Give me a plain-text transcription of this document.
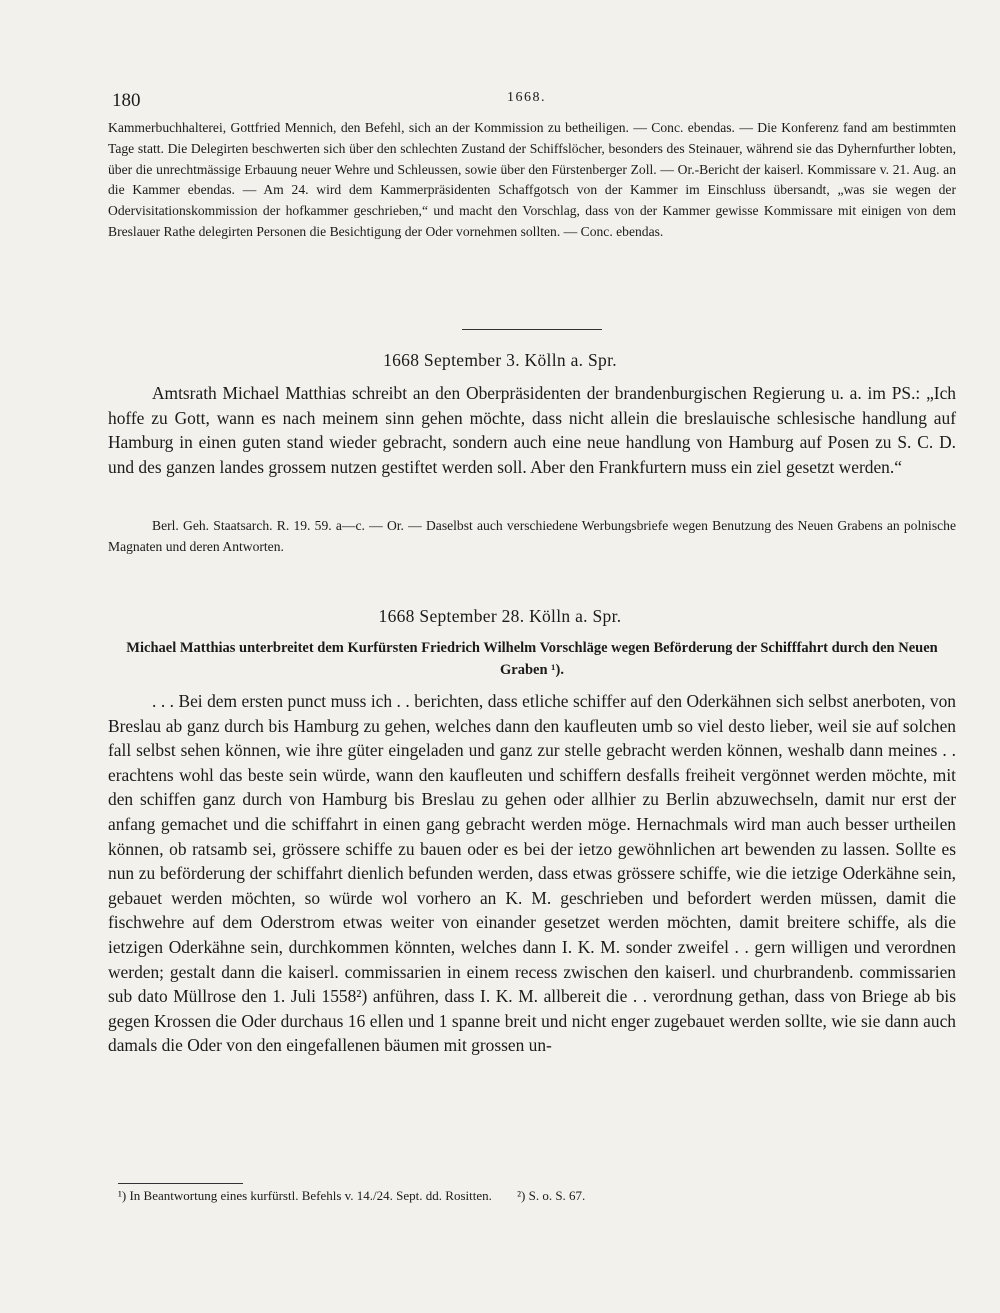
180	1668.

Kammerbuchhalterei, Gottfried Mennich, den Befehl, sich an der Kommission zu betheiligen. — Conc. ebendas. — Die Konferenz fand am bestimmten Tage statt. Die Delegirten beschwerten sich über den schlechten Zustand der Schiffslöcher, besonders des Steinauer, während sie das Dyhernfurther lobten, über die unrechtmässige Erbauung neuer Wehre und Schleussen, sowie über den Fürstenberger Zoll. — Or.-Bericht der kaiserl. Kommissare v. 21. Aug. an die Kammer ebendas. — Am 24. wird dem Kammerpräsidenten Schaffgotsch von der Kammer im Einschluss übersandt, „was sie wegen der Odervisitationskommission der hofkammer geschrieben,“ und macht den Vorschlag, dass von der Kammer gewisse Kommissare mit einigen von dem Breslauer Rathe delegirten Personen die Besichtigung der Oder vornehmen sollten. — Conc. ebendas.

1668 September 3. Kölln a. Spr.

Amtsrath Michael Matthias schreibt an den Oberpräsidenten der brandenburgischen Regierung u. a. im PS.: „Ich hoffe zu Gott, wann es nach meinem sinn gehen möchte, dass nicht allein die breslauische schlesische handlung auf Hamburg in einen guten stand wieder gebracht, sondern auch eine neue handlung von Hamburg auf Posen zu S. C. D. und des ganzen landes grossem nutzen gestiftet werden soll. Aber den Frankfurtern muss ein ziel gesetzt werden.“

Berl. Geh. Staatsarch. R. 19. 59. a—c. — Or. — Daselbst auch verschiedene Werbungsbriefe wegen Benutzung des Neuen Grabens an polnische Magnaten und deren Antworten.

1668 September 28. Kölln a. Spr.

Michael Matthias unterbreitet dem Kurfürsten Friedrich Wilhelm Vorschläge wegen Beförderung der Schifffahrt durch den Neuen Graben ¹).

. . . Bei dem ersten punct muss ich . . berichten, dass etliche schiffer auf den Oderkähnen sich selbst anerboten, von Breslau ab ganz durch bis Hamburg zu gehen, welches dann den kaufleuten umb so viel desto lieber, weil sie auf solchen fall selbst sehen können, wie ihre güter eingeladen und ganz zur stelle gebracht werden können, weshalb dann meines . . erachtens wohl das beste sein würde, wann den kaufleuten und schiffern desfalls freiheit vergönnet werden möchte, mit den schiffen ganz durch von Hamburg bis Breslau zu gehen oder allhier zu Berlin abzuwechseln, damit nur erst der anfang gemachet und die schiffahrt in einen gang gebracht werden möge. Hernachmals wird man auch besser urtheilen können, ob ratsamb sei, grössere schiffe zu bauen oder es bei der ietzo gewöhnlichen art bewenden zu lassen. Sollte es nun zu beförderung der schiffahrt dienlich befunden werden, dass etwas grössere schiffe, wie die ietzige Oderkähne sein, gebauet werden möchten, so würde wol vorhero an K. M. geschrieben und befordert werden müssen, damit die fischwehre auf dem Oderstrom etwas weiter von einander gesetzet werden möchten, damit breitere schiffe, als die ietzigen Oderkähne sein, durchkommen könnten, welches dann I. K. M. sonder zweifel . . gern willigen und verordnen werden; gestalt dann die kaiserl. commissarien in einem recess zwischen den kaiserl. und churbrandenb. commissarien sub dato Müllrose den 1. Juli 1558²) anführen, dass I. K. M. allbereit die . . verordnung gethan, dass von Briege ab bis gegen Krossen die Oder durchaus 16 ellen und 1 spanne breit und nicht enger zugebauet werden sollte, wie sie dann auch damals die Oder von den eingefallenen bäumen mit grossen un-

¹) In Beantwortung eines kurfürstl. Befehls v. 14./24. Sept. dd. Rositten. ²) S. o. S. 67.
